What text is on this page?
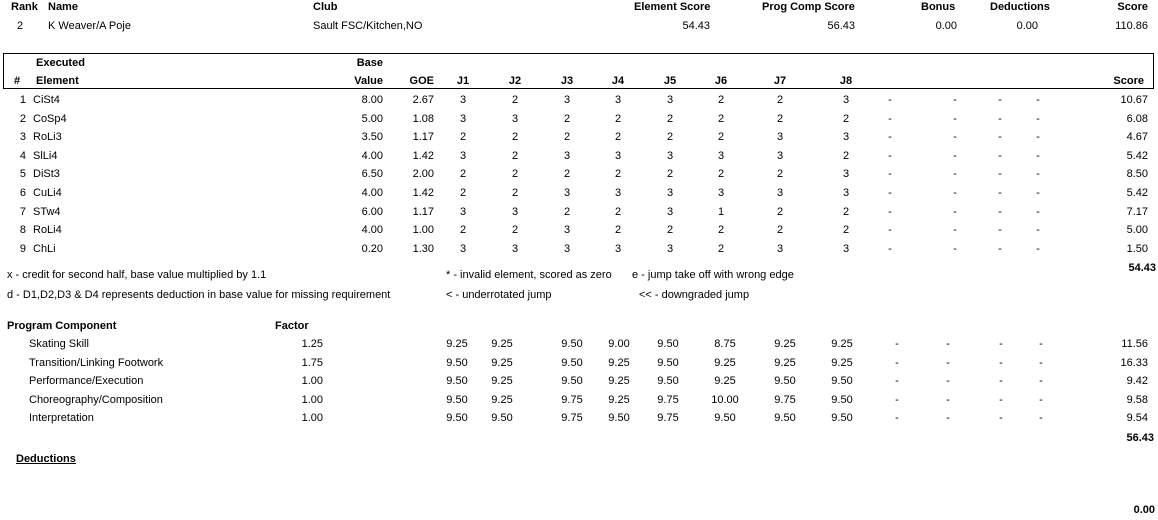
Rank Name	Club	Element Score	Prog Comp Score	Bonus	Deductions	Score
2 K Weaver/A Poje	Sault FSC/Kitchen,NO	54.43	56.43	0.00	0.00	110.86
Executed
# Element
Base
Value GOE J1	J2	J3	J4	J5	J6	J7	J8	Score
1 CiSt4	8.00	2.67 3	2	3	3	3	2	2	3	-	-	-	-	10.67
2 CoSp4	5.00	1.08 3	3	2	2	2	2	2	2	-	-	-	-	6.08
3 RoLi3	3.50	1.17 2	2	2	2	2	2	3	3	-	-	-	-	4.67
4 SlLi4	4.00	1.42 3	2	3	3	3	3	3	2	-	-	-	-	5.42
5 DiSt3	6.50	2.00 2	2	2	2	2	2	2	3	-	-	-	-	8.50
6 CuLi4	4.00	1.42 2	2	3	3	3	3	3	3	-	-	-	-	5.42
7 STw4	6.00	1.17 3	3	2	2	3	1	2	2	-	-	-	-	7.17
8 RoLi4	4.00	1.00 2	2	3	2	2	2	2	2	-	-	-	-	5.00
9 ChLi	0.20	1.30 3	3	3	3	3	2	3	3	-	-	-	-	1.50
54.43
x - credit for second half, base value multiplied by 1.1
d - D1,D2,D3 & D4 represents deduction in base value for missing requirement
* - invalid element, scored as zero e - jump take off with wrong edge
< - underrotated jump	<< - downgraded jump
Program Component	Factor
Skating Skill	1.25	9.25 9.25	9.50 9.00	9.50	8.75	9.25	9.25	-	-	-	-	11.56
Transition/Linking Footwork	1.75	9.50 9.25	9.50 9.25	9.50	9.25	9.25	9.25	-	-	-	-	16.33
Performance/Execution	1.00	9.50 9.25	9.50 9.25	9.50	9.25	9.50	9.50	-	-	-	-	9.42
Choreography/Composition	1.00	9.50 9.25	9.75 9.25	9.75	10.00	9.75	9.50	-	-	-	-	9.58
Interpretation	1.00	9.50 9.50	9.75 9.50	9.75	9.50	9.50	9.50	-	-	-	-	9.54
56.43
Deductions
0.00
